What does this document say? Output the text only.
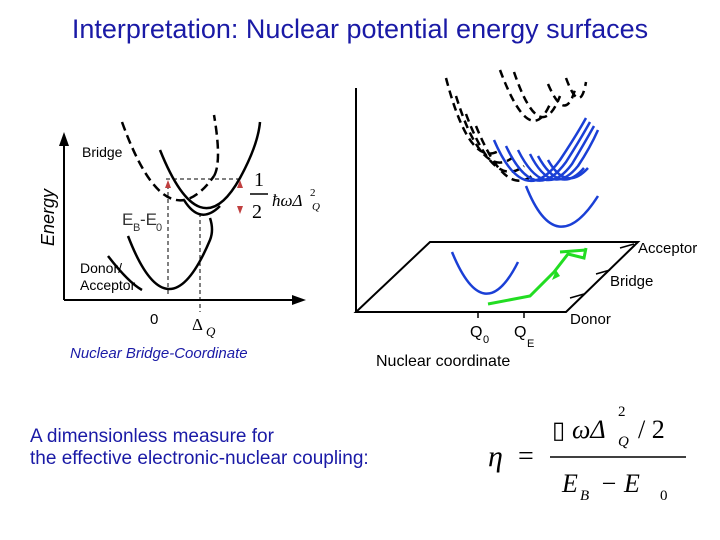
Interpretation: Nuclear potential energy surfaces
Energy
Bridge
Donor/
Acceptor
E B -E 0
1
2
ħωΔ 2
Q
0 Δ Q
Nuclear Bridge-Coordinate
Acceptor
Bridge
Donor
Q 0 Q
E
Nuclear coordinate
η =
▯ ωΔ
2
Q / 2
E B − E 0
A dimensionless measure for
the effective electronic-nuclear coupling:
